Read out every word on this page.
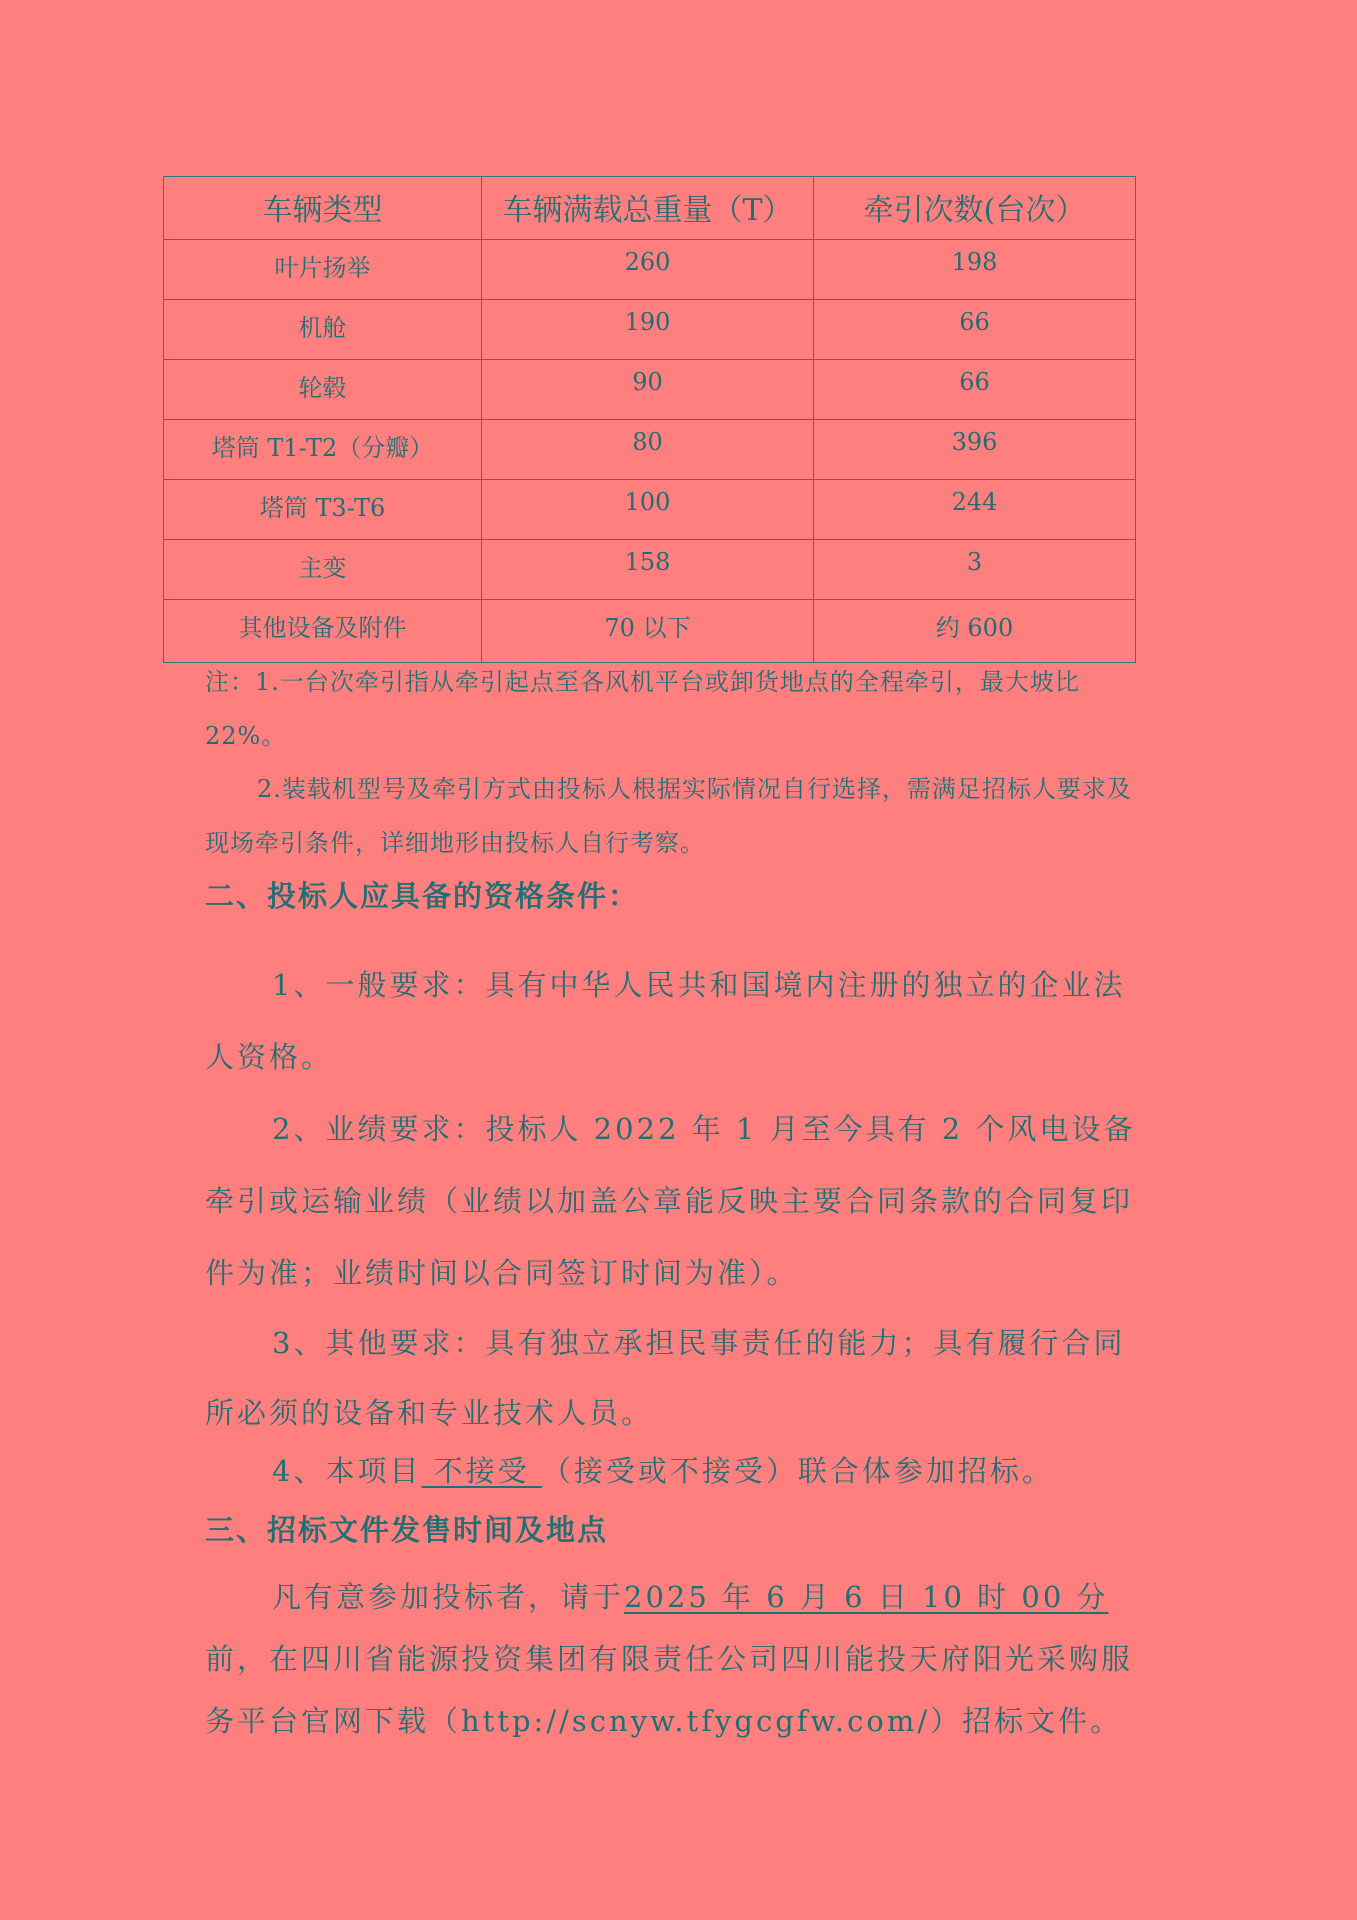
车辆类型	车辆满载总重量（T）	牵引次数(台次）
叶片扬举	260	198
机舱	190	66
轮毂	90	66
塔筒 T1-T2（分瓣）	80	396
塔筒 T3-T6	100	244
主变	158	3
其他设备及附件	70 以下	约 600

注：1.一台次牵引指从牵引起点至各风机平台或卸货地点的全程牵引，最大坡比22%。

2.装载机型号及牵引方式由投标人根据实际情况自行选择，需满足招标人要求及现场牵引条件，详细地形由投标人自行考察。

二、投标人应具备的资格条件：

1、一般要求：具有中华人民共和国境内注册的独立的企业法人资格。

2、业绩要求：投标人 2022 年 1 月至今具有 2 个风电设备牵引或运输业绩（业绩以加盖公章能反映主要合同条款的合同复印件为准；业绩时间以合同签订时间为准）。

3、其他要求：具有独立承担民事责任的能力；具有履行合同所必须的设备和专业技术人员。

4、本项目 不接受 （接受或不接受）联合体参加招标。

三、招标文件发售时间及地点

凡有意参加投标者，请于2025 年 6 月 6 日 10 时 00 分前，在四川省能源投资集团有限责任公司四川能投天府阳光采购服务平台官网下载（http://scnyw.tfygcgfw.com/）招标文件。
